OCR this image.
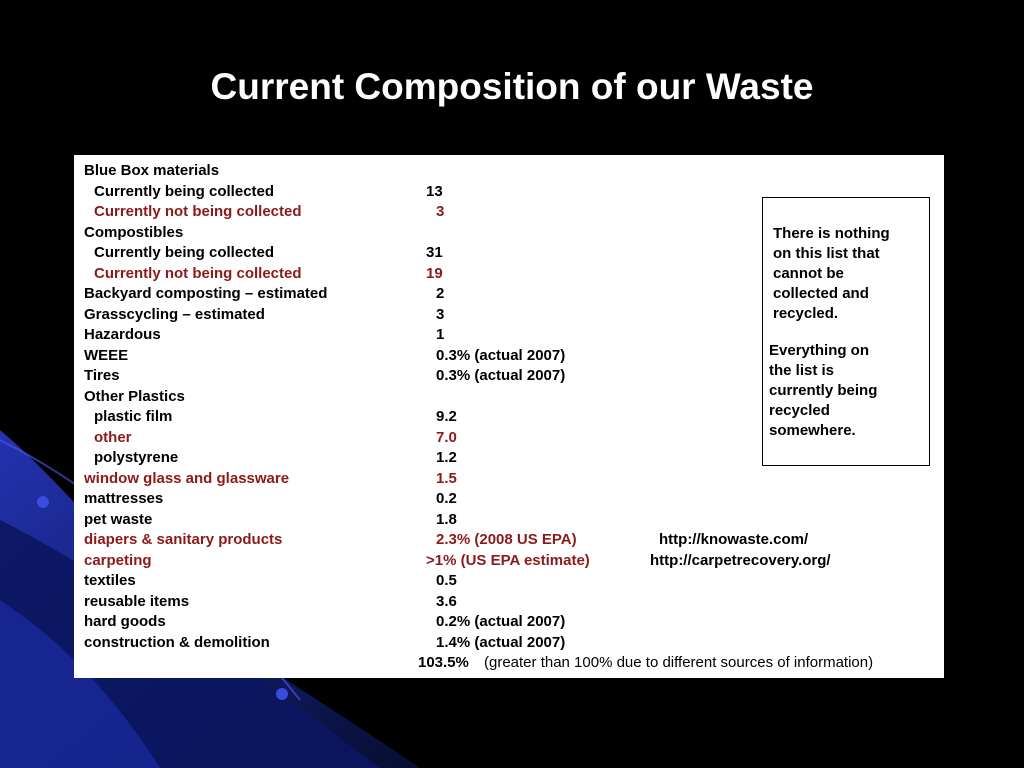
Current Composition of our Waste
Blue Box materials
Currently being collected	13
Currently not being collected	3
Compostibles
Currently being collected	31
Currently not being collected	19
Backyard composting – estimated	2
Grasscycling – estimated	3
Hazardous	1
WEEE	0.3% (actual 2007)
Tires	0.3% (actual 2007)
Other Plastics
plastic film	9.2
other	7.0
polystyrene	1.2
window glass and glassware	1.5
mattresses	0.2
pet waste	1.8
diapers & sanitary products	2.3% (2008 US EPA)	http://knowaste.com/
carpeting	>1% (US EPA estimate)	http://carpetrecovery.org/
textiles	0.5
reusable items	3.6
hard goods	0.2% (actual 2007)
construction & demolition	1.4% (actual 2007)
103.5% (greater than 100% due to different sources of information)
There is nothing
on this list that
cannot be
collected and
recycled.
Everything on
the list is
currently being
recycled
somewhere.
